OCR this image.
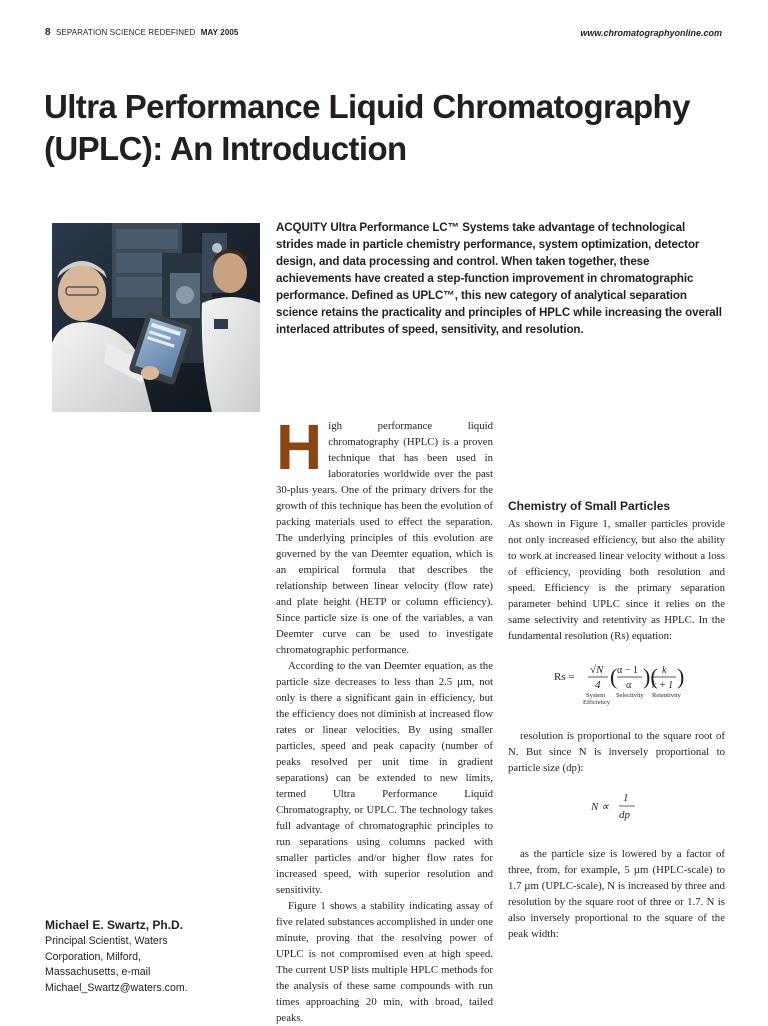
8 SEPARATION SCIENCE REDEFINED MAY 2005	www.chromatographyonline.com
Ultra Performance Liquid Chromatography
(UPLC): An Introduction

ACQUITY Ultra Performance LC™ Systems take advantage of technological strides made in particle chemistry performance, system optimization, detector design, and data processing and control. When taken together, these achievements have created a step-function improvement in chromatographic performance. Defined as UPLC™, this new category of analytical separation science retains the practicality and principles of HPLC while increasing the overall interlaced attributes of speed, sensitivity, and resolution.

High performance liquid chromatography (HPLC) is a proven technique that has been used in laboratories worldwide over the past 30-plus years. One of the primary drivers for the growth of this technique has been the evolution of packing materials used to effect the separation. The underlying principles of this evolution are governed by the van Deemter equation, which is an empirical formula that describes the relationship between linear velocity (flow rate) and plate height (HETP or column efficiency). Since particle size is one of the variables, a van Deemter curve can be used to investigate chromatographic performance.

According to the van Deemter equation, as the particle size decreases to less than 2.5 µm, not only is there a significant gain in efficiency, but the efficiency does not diminish at increased flow rates or linear velocities. By using smaller particles, speed and peak capacity (number of peaks resolved per unit time in gradient separations) can be extended to new limits, termed Ultra Performance Liquid Chromatography, or UPLC. The technology takes full advantage of chromatographic principles to run separations using columns packed with smaller particles and/or higher flow rates for increased speed, with superior resolution and sensitivity.

Figure 1 shows a stability indicating assay of five related substances accomplished in under one minute, proving that the resolving power of UPLC is not compromised even at high speed. The current USP lists multiple HPLC methods for the analysis of these same compounds with run times approaching 20 min, with broad, tailed peaks.

Chemistry of Small Particles

As shown in Figure 1, smaller particles provide not only increased efficiency, but also the ability to work at increased linear velocity without a loss of efficiency, providing both resolution and speed. Efficiency is the primary separation parameter behind UPLC since it relies on the same selectivity and retentivity as HPLC. In the fundamental resolution (Rs) equation:

Rs =
√N
4 ( α − 1
α )( k
k + 1 )
System
Efficiency
Selectivity Retentivity

resolution is proportional to the square root of N. But since N is inversely proportional to particle size (dp):

N ∝
1
dp

as the particle size is lowered by a factor of three, from, for example, 5 µm (HPLC-scale) to 1.7 µm (UPLC-scale), N is increased by three and resolution by the square root of three or 1.7. N is also inversely proportional to the square of the peak width:

Michael E. Swartz, Ph.D.
Principal Scientist, Waters
Corporation, Milford,
Massachusetts, e-mail
Michael_Swartz@waters.com.
